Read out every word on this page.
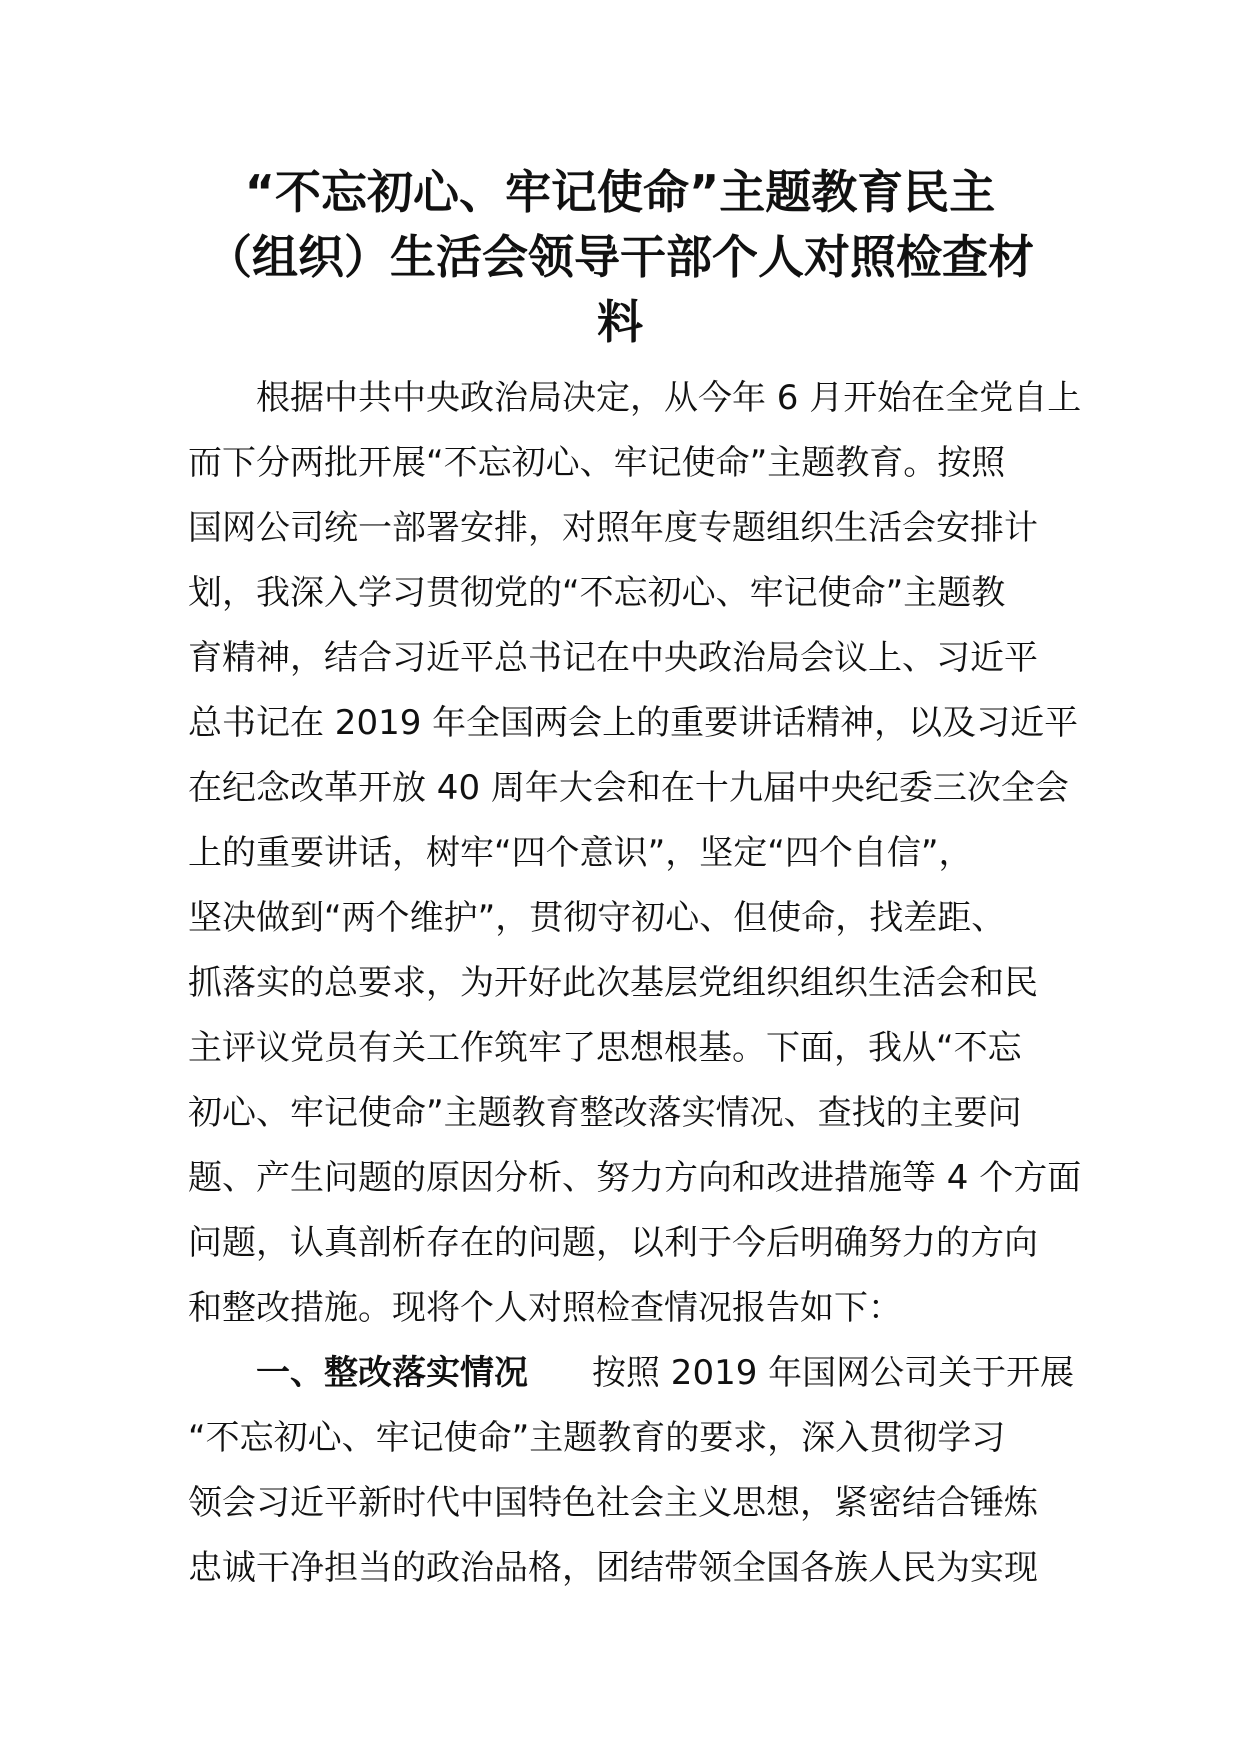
“不忘初心、牢记使命”主题教育民主
（组织）生活会领导干部个人对照检查材
料
　　根据中共中央政治局决定，从今年 6 月开始在全党自上
而下分两批开展“不忘初心、牢记使命”主题教育。按照
国网公司统一部署安排，对照年度专题组织生活会安排计
划，我深入学习贯彻党的“不忘初心、牢记使命”主题教
育精神，结合习近平总书记在中央政治局会议上、习近平
总书记在 2019 年全国两会上的重要讲话精神，以及习近平
在纪念改革开放 40 周年大会和在十九届中央纪委三次全会
上的重要讲话，树牢“四个意识”，坚定“四个自信”，
坚决做到“两个维护”，贯彻守初心、但使命，找差距、
抓落实的总要求，为开好此次基层党组织组织生活会和民
主评议党员有关工作筑牢了思想根基。下面，我从“不忘
初心、牢记使命”主题教育整改落实情况、查找的主要问
题、产生问题的原因分析、努力方向和改进措施等 4 个方面
问题，认真剖析存在的问题，以利于今后明确努力的方向
和整改措施。现将个人对照检查情况报告如下：
　　一、整改落实情况 按照 2019 年国网公司关于开展
“不忘初心、牢记使命”主题教育的要求，深入贯彻学习
领会习近平新时代中国特色社会主义思想，紧密结合锤炼
忠诚干净担当的政治品格，团结带领全国各族人民为实现
